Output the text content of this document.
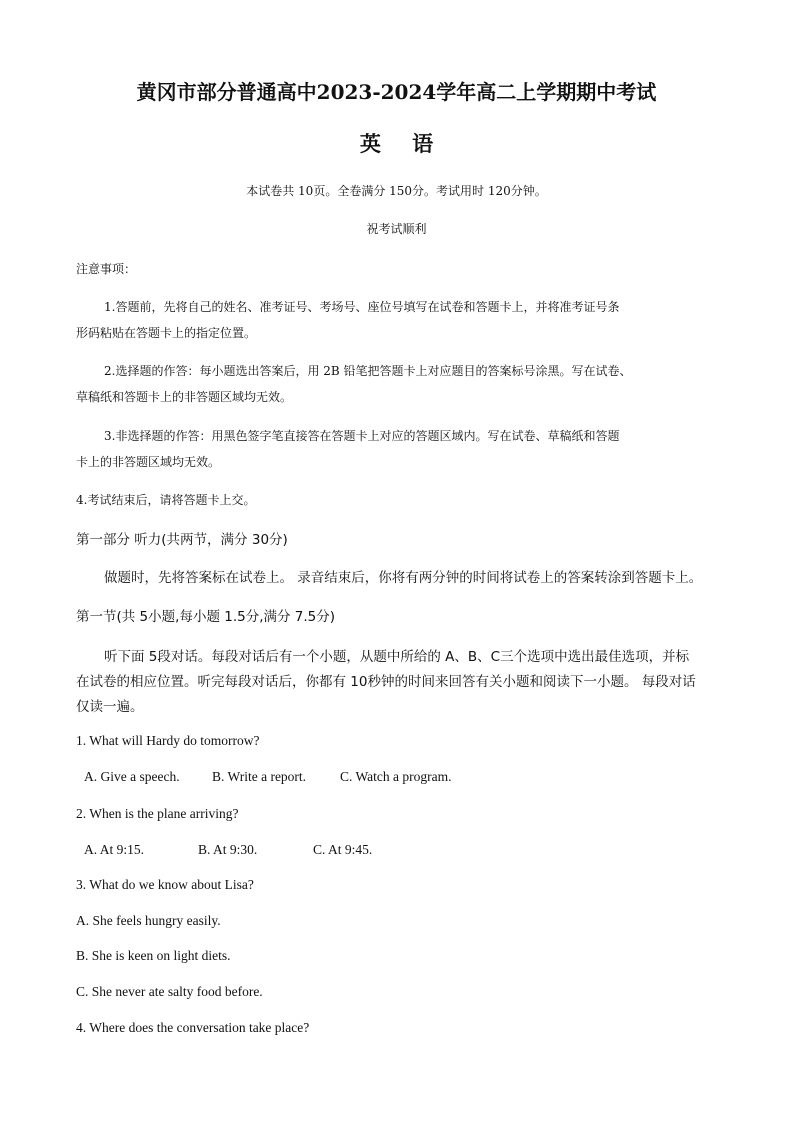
黄冈市部分普通高中2023-2024学年高二上学期期中考试
英 语
本试卷共 10页。全卷满分 150分。考试用时 120分钟。
祝考试顺利
注意事项：
1.答题前，先将自己的姓名、准考证号、考场号、座位号填写在试卷和答题卡上，并将准考证号条
形码粘贴在答题卡上的指定位置。
2.选择题的作答：每小题选出答案后，用 2B 铅笔把答题卡上对应题目的答案标号涂黑。写在试卷、
草稿纸和答题卡上的非答题区域均无效。
3.非选择题的作答：用黑色签字笔直接答在答题卡上对应的答题区域内。写在试卷、草稿纸和答题
卡上的非答题区域均无效。
4.考试结束后，请将答题卡上交。
第一部分 听力(共两节，满分 30分)
做题时，先将答案标在试卷上。 录音结束后，你将有两分钟的时间将试卷上的答案转涂到答题卡上。
第一节(共 5小题,每小题 1.5分,满分 7.5分)
听下面 5段对话。每段对话后有一个小题，从题中所给的 A、B、C三个选项中选出最佳选项，并标
在试卷的相应位置。听完每段对话后，你都有 10秒钟的时间来回答有关小题和阅读下一小题。 每段对话
仅读一遍。
1. What will Hardy do tomorrow?
A. Give a speech. B. Write a report.	C. Watch a program.
2. When is the plane arriving?
A. At 9:15.	B. At 9:30.	C. At 9:45.
3. What do we know about Lisa?
A. She feels hungry easily.
B. She is keen on light diets.
C. She never ate salty food before.
4. Where does the conversation take place?
